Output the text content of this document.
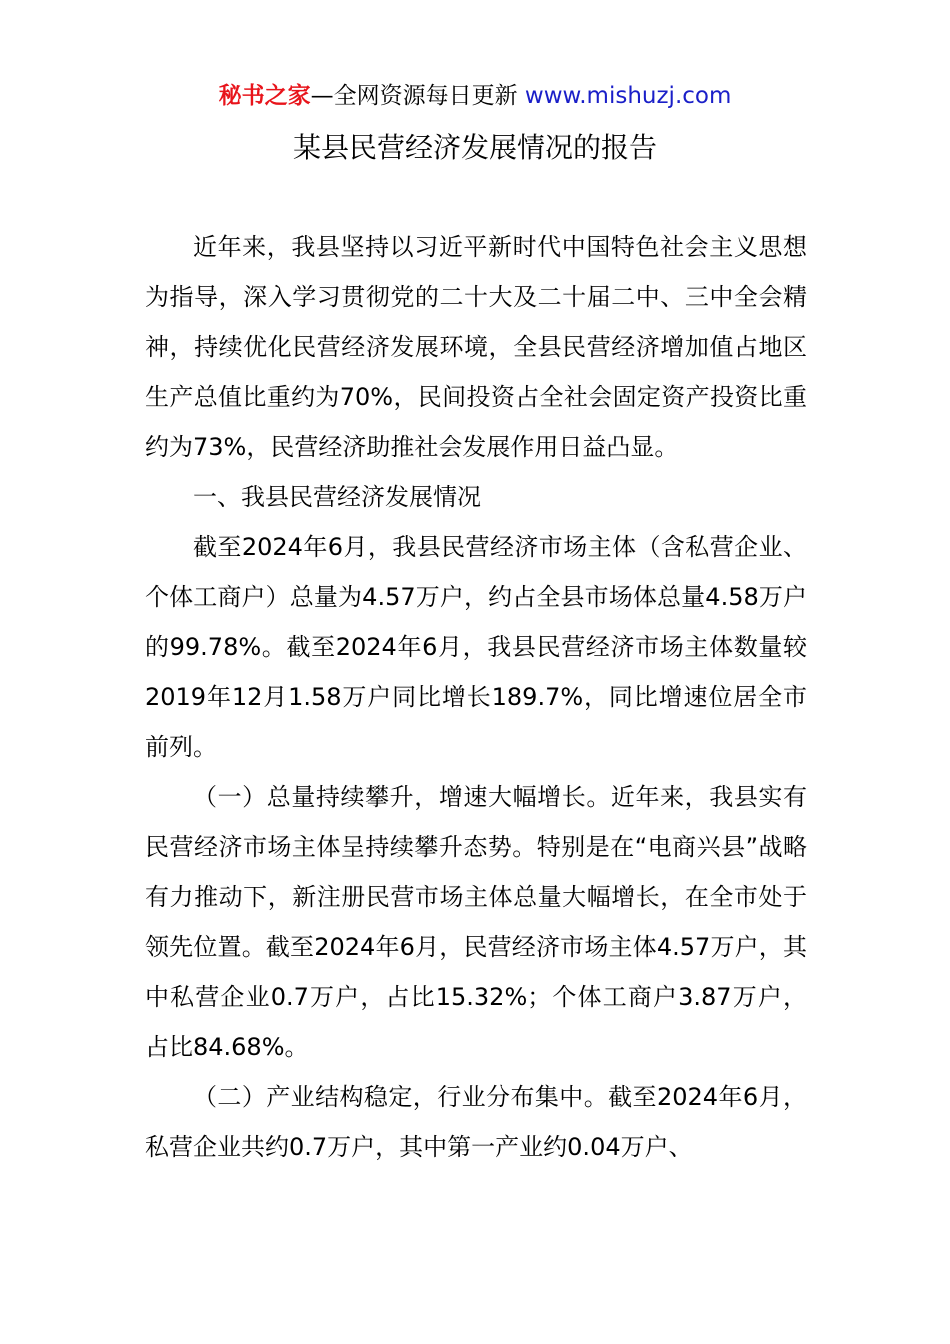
秘书之家—全网资源每日更新 www.mishuzj.com
某县民营经济发展情况的报告

近年来，我县坚持以习近平新时代中国特色社会主义思想为指导，深入学习贯彻党的二十大及二十届二中、三中全会精神，持续优化民营经济发展环境，全县民营经济增加值占地区生产总值比重约为70%，民间投资占全社会固定资产投资比重约为73%，民营经济助推社会发展作用日益凸显。

一、我县民营经济发展情况

截至2024年6月，我县民营经济市场主体（含私营企业、个体工商户）总量为4.57万户，约占全县市场体总量4.58万户的99.78%。截至2024年6月，我县民营经济市场主体数量较2019年12月1.58万户同比增长189.7%，同比增速位居全市前列。

（一）总量持续攀升，增速大幅增长。近年来，我县实有民营经济市场主体呈持续攀升态势。特别是在“电商兴县”战略有力推动下，新注册民营市场主体总量大幅增长，在全市处于领先位置。截至2024年6月，民营经济市场主体4.57万户，其中私营企业0.7万户，占比15.32%；个体工商户3.87万户，占比84.68%。

（二）产业结构稳定，行业分布集中。截至2024年6月，私营企业共约0.7万户，其中第一产业约0.04万户、
